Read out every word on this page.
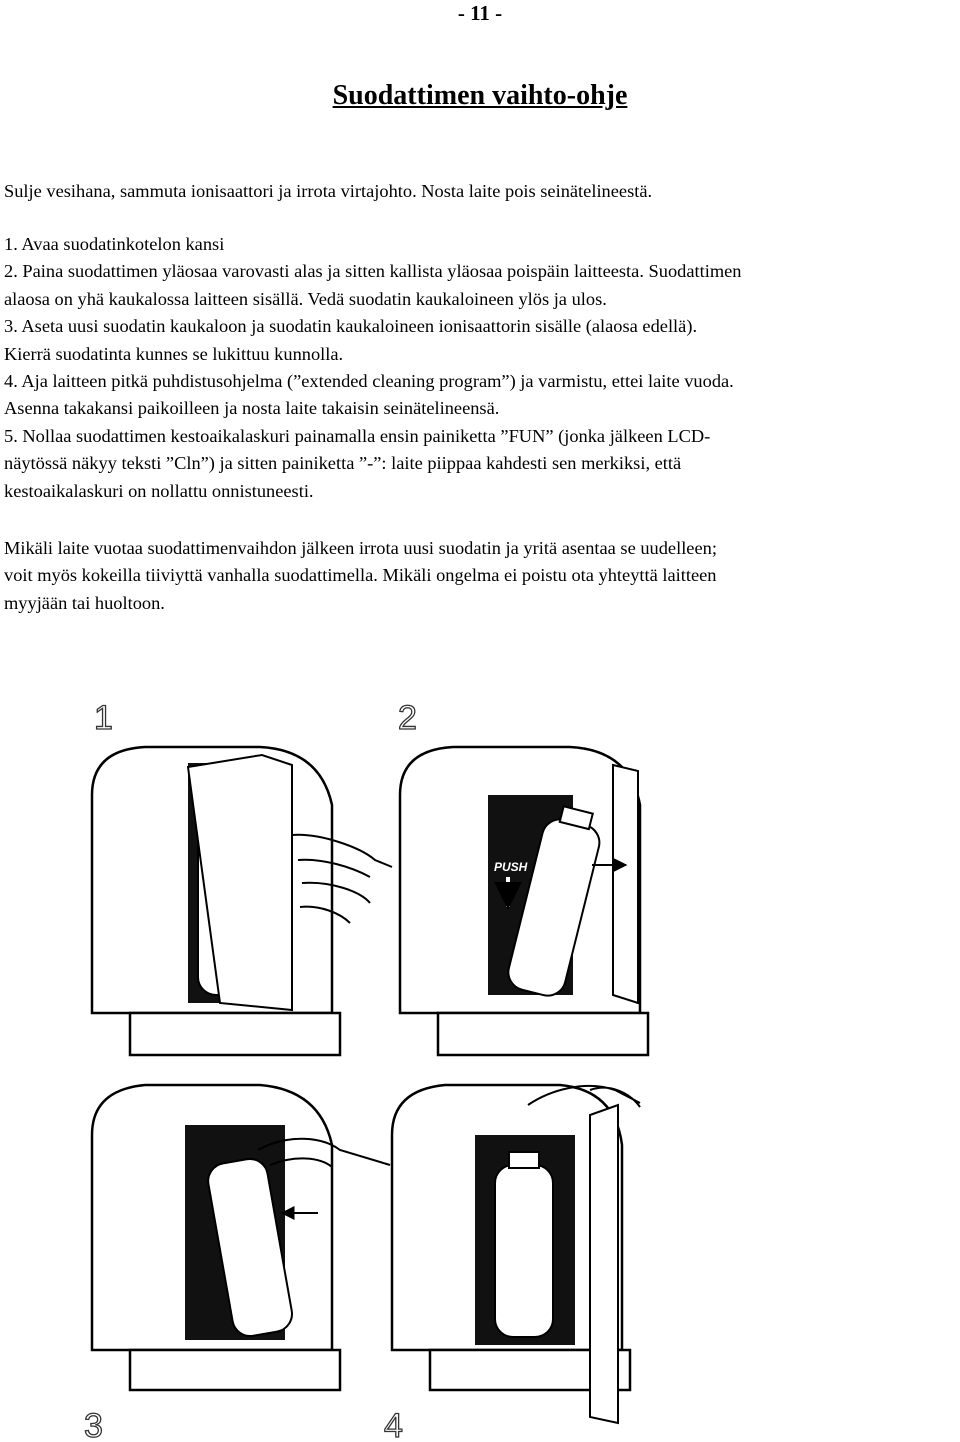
- 11 -
Suodattimen vaihto-ohje

Sulje vesihana, sammuta ionisaattori ja irrota virtajohto. Nosta laite pois seinätelineestä.

1. Avaa suodatinkotelon kansi

2. Paina suodattimen yläosaa varovasti alas ja sitten kallista yläosaa poispäin laitteesta. Suodattimen

alaosa on yhä kaukalossa laitteen sisällä. Vedä suodatin kaukaloineen ylös ja ulos.

3. Aseta uusi suodatin kaukaloon ja suodatin kaukaloineen ionisaattorin sisälle (alaosa edellä).

Kierrä suodatinta kunnes se lukittuu kunnolla.

4. Aja laitteen pitkä puhdistusohjelma (”extended cleaning program”) ja varmistu, ettei laite vuoda.

Asenna takakansi paikoilleen ja nosta laite takaisin seinätelineensä.

5. Nollaa suodattimen kestoaikalaskuri painamalla ensin painiketta ”FUN” (jonka jälkeen LCD-

näytössä näkyy teksti ”Cln”) ja sitten painiketta ”-”: laite piippaa kahdesti sen merkiksi, että

kestoaikalaskuri on nollattu onnistuneesti.

Mikäli laite vuotaa suodattimenvaihdon jälkeen irrota uusi suodatin ja yritä asentaa se uudelleen;

voit myös kokeilla tiiviyttä vanhalla suodattimella. Mikäli ongelma ei poistu ota yhteyttä laitteen

myyjään tai huoltoon.

1	2
PUSH
3	4
